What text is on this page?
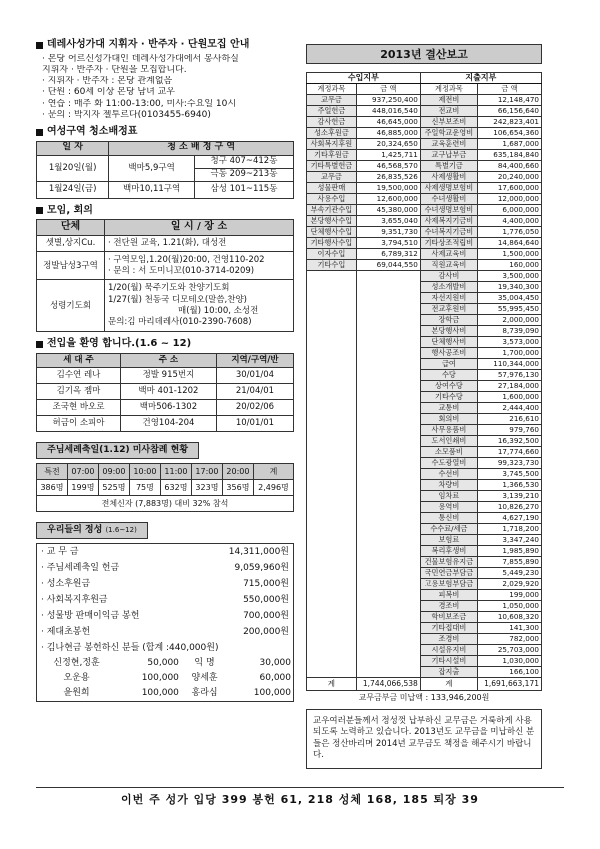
데레사성가대 지휘자 · 반주자 · 단원모집 안내
· 본당 어르신성가대인 데레사성가대에서 봉사하실
지휘자 · 반주자 · 단원을 모집합니다.
· 지휘자 · 반주자 : 본당 관계없음
· 단원 : 60세 이상 본당 남녀 교우
· 연습 : 매주 화 11:00-13:00, 미사:수요일 10시
· 문의 : 박지자 젤투르다(0103455-6940)
여성구역 청소배정표
일 자	청 소 배 정 구 역	
1월20일(월)	백마5,9구역	청구 407~412동
		극동 209~213동
1월24일(금)	백마10,11구역	삼성 101~115동
모임, 회의
단체	일 시 / 장 소
셋별,상지Cu.	· 전단원 교육, 1.21(화), 대성전

정발남성3구역	· 구역모임,1.20(월)20:00, 건영110-202
· 문의 : 서 도미니꼬(010-3714-0209)

성령기도회	1/20(월) 묵주기도와 찬양기도회
1/27(월) 천동국 디모테오(말씀,찬양)
매(월) 10:00, 소성전
문의:김 마리데레사(010-2390-7608)
전입을 환영 합니다.(1.6 ~ 12)
세 대 주	주 소	지역/구역/반
김수연 레나	정발 915번지	30/01/04
김기옥 젬마	백마 401-1202	21/04/01
조국현 바오로	백마506-1302	20/02/06
허금이 소피아	건영104-204	10/01/01
주님세례축일(1.12) 미사참례 현황
특전	07:00	09:00	10:00	11:00	17:00	20:00	계
386명	199명	525명	75명	632명	323명	356명	2,496명
전체신자 (7,883명) 대비 32% 참석							
우리들의 정성 (1.6~12)
· 교 무 금	14,311,000원
· 주님세례축일 헌금	9,059,960원
· 성소후원금	715,000원
· 사회복지후원금	550,000원
· 성물방 판매이익금 봉헌	700,000원
· 제대초봉헌	200,000원
· 김나현금 봉헌하신 분들 (합계 :440,000원)
신정현,정훈	50,000	익 명	30,000
오운용	100,000	양세훈	60,000
윤원희	100,000	홍라심	100,000
2013년 결산보고
수입지부		지출지부	
계정과목	금 액	계정과목	금 액
교무금	937,250,400	제전비	12,148,470
주일헌금	448,016,540	전교비	66,156,640
감사헌금	46,645,000	신부보조비	242,823,401
성소후원금	46,885,000	주일학교운영비	106,654,360
사회복지후원	20,324,650	교육훈련비	1,687,000
기타후원금	1,425,711	교구납부금	635,184,840
기타특별헌금	46,568,570	특별기금	84,400,660
교무금	26,835,526	사제생활비	20,240,000
성물판매	19,500,000	사제생명보험비	17,600,000
사용수입	12,600,000	수녀생활비	12,000,000
부속기관수입	45,380,000	수녀생명보험비	6,000,000
본당행사수입	3,655,040	사제복지기금비	4,400,000
단체행사수입	9,351,730	수녀복지기금비	1,776,050
기타행사수입	3,794,510	기타상조적립비	14,864,640
이자수입	6,789,312	사제교육비	1,500,000
기타수입	69,044,550	직원교육비	160,000
		감사비	3,500,000
		성소개발비	19,340,300
		자선지원비	35,004,450
		전교후원비	55,995,450
		장학금	2,000,000
		본당행사비	8,739,090
		단체행사비	3,573,000
		행사공조비	1,700,000
		급여	110,344,000
		수당	57,976,130
		상여수당	27,184,000
		기타수당	1,600,000
		교통비	2,444,400
		회의비	216,610
		사무용품비	979,760
		도서인쇄비	16,392,500
		소모품비	17,774,660
		수도광열비	99,323,730
		수선비	3,745,500
		차량비	1,366,530
		임차료	3,139,210
		용역비	10,826,270
		통신비	4,627,190
		수수료/세금	1,718,200
		보험료	3,347,240
		복리후생비	1,985,890
		건물보험유지금	7,855,890
		국민연금부담금	5,449,230
		고용보험부담금	2,029,920
		피복비	199,000
		경조비	1,050,000
		학비보조금	10,608,320
		기타접대비	141,300
		조경비	782,000
		시설유지비	25,703,000
		기타시설비	1,030,000
		잡지출	166,100
계	1,744,066,538	계	1,691,663,171
교무금부금 미납액 : 133,946,200원
교우여러분들께서 정성껏 납부하신 교무금은 거룩하게 사용되도록 노력하고 있습니다. 2013년도 교무금을 미납하신 분들은 정산바리며 2014년 교무금도 책정을 해주시기 바랍니다.
이번 주 성가 입당 399 봉헌 61, 218 성체 168, 185 퇴장 39
